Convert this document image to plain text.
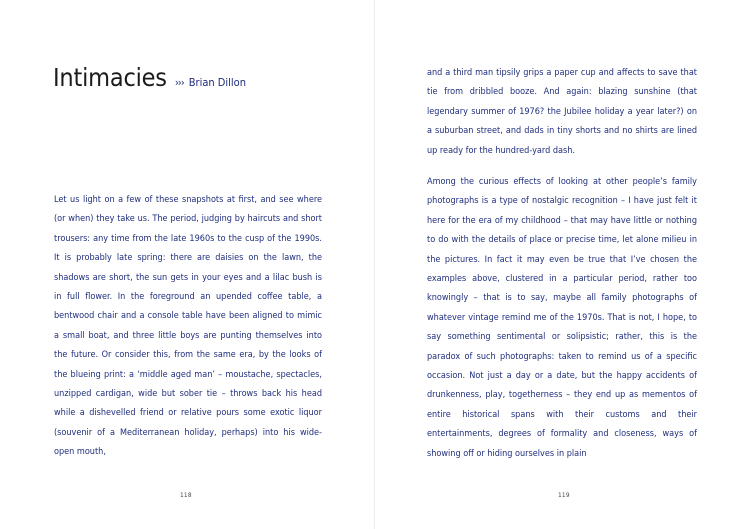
Intimacies ››› Brian Dillon

Let us light on a few of these snapshots at first, and see where (or when) they take us. The period, judging by haircuts and short trousers: any time from the late 1960s to the cusp of the 1990s. It is probably late spring: there are daisies on the lawn, the shadows are short, the sun gets in your eyes and a lilac bush is in full flower. In the foreground an upended coffee table, a bentwood chair and a console table have been aligned to mimic a small boat, and three little boys are punting themselves into the future. Or consider this, from the same era, by the looks of the blueing print: a ‘middle aged man’ – moustache, spectacles, unzipped cardigan, wide but sober tie – throws back his head while a dishevelled friend or relative pours some exotic liquor (souvenir of a Mediterranean holiday, perhaps) into his wide-open mouth,

118

and a third man tipsily grips a paper cup and affects to save that tie from dribbled booze. And again: blazing sunshine (that legendary summer of 1976? the Jubilee holiday a year later?) on a suburban street, and dads in tiny shorts and no shirts are lined up ready for the hundred-yard dash.

Among the curious effects of looking at other people’s family photographs is a type of nostalgic recognition – I have just felt it here for the era of my childhood – that may have little or nothing to do with the details of place or precise time, let alone milieu in the pictures. In fact it may even be true that I’ve chosen the examples above, clustered in a particular period, rather too knowingly – that is to say, maybe all family photographs of whatever vintage remind me of the 1970s. That is not, I hope, to say something sentimental or solipsistic; rather, this is the paradox of such photographs: taken to remind us of a specific occasion. Not just a day or a date, but the happy accidents of drunkenness, play, togetherness – they end up as mementos of entire historical spans with their customs and their entertainments, degrees of formality and closeness, ways of showing off or hiding ourselves in plain

119
